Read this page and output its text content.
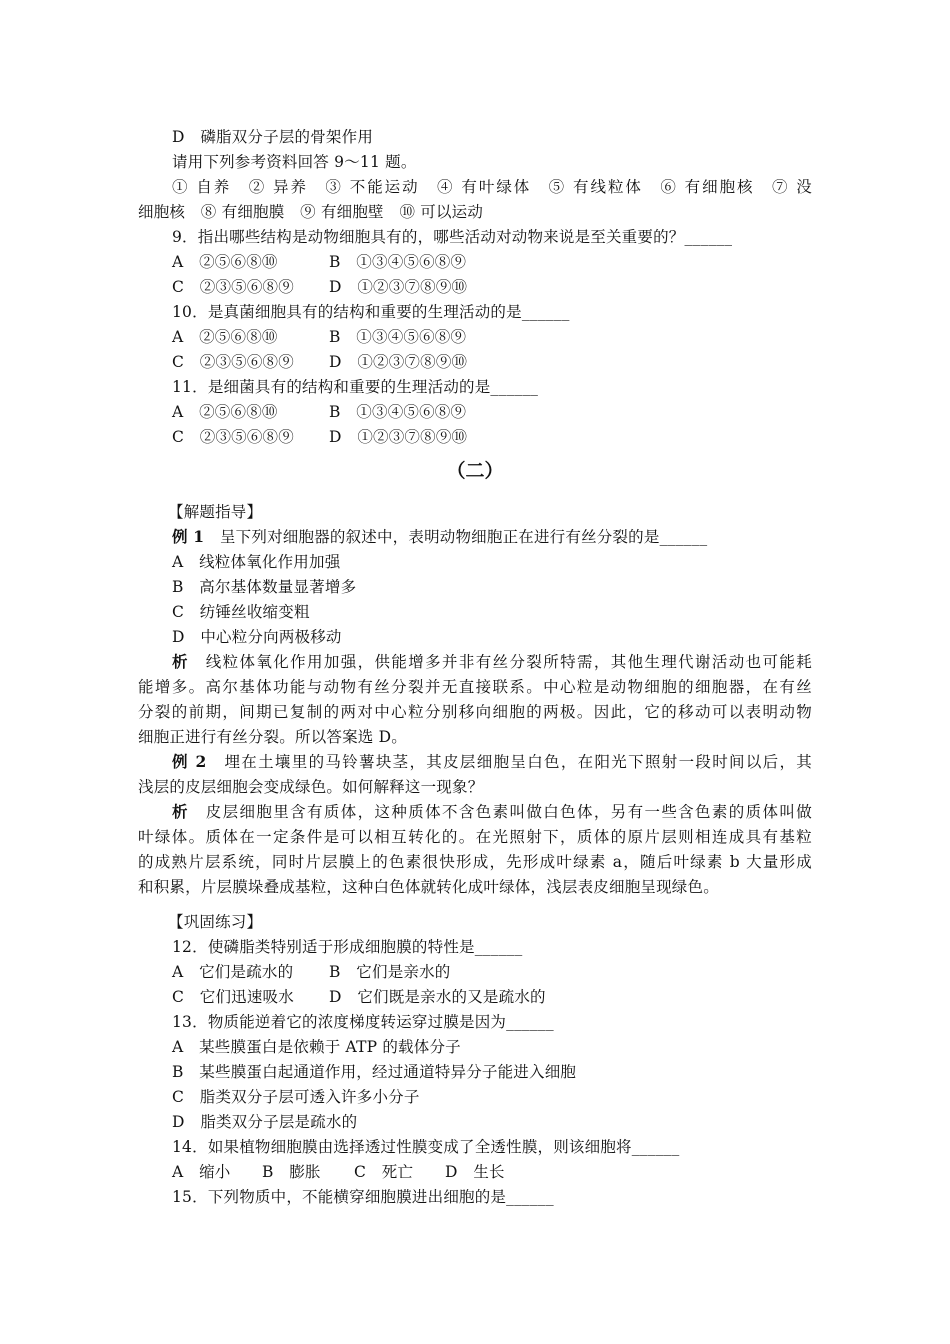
D　磷脂双分子层的骨架作用
请用下列参考资料回答 9～11 题。
① 自养　② 异养　③ 不能运动　④ 有叶绿体　⑤ 有线粒体　⑥ 有细胞核　⑦ 没
细胞核　⑧ 有细胞膜　⑨ 有细胞壁　⑩ 可以运动
9．指出哪些结构是动物细胞具有的，哪些活动对动物来说是至关重要的？______
A　②⑤⑥⑧⑩	B　①③④⑤⑥⑧⑨
C　②③⑤⑥⑧⑨ D　①②③⑦⑧⑨⑩
10．是真菌细胞具有的结构和重要的生理活动的是______
A　②⑤⑥⑧⑩	B　①③④⑤⑥⑧⑨
C　②③⑤⑥⑧⑨ D　①②③⑦⑧⑨⑩
11．是细菌具有的结构和重要的生理活动的是______
A　②⑤⑥⑧⑩	B　①③④⑤⑥⑧⑨
C　②③⑤⑥⑧⑨ D　①②③⑦⑧⑨⑩
（二）
【解题指导】
例 1　呈下列对细胞器的叙述中，表明动物细胞正在进行有丝分裂的是______
A　线粒体氧化作用加强
B　高尔基体数量显著增多
C　纺锤丝收缩变粗
D　中心粒分向两极移动
析　线粒体氧化作用加强，供能增多并非有丝分裂所特需，其他生理代谢活动也可能耗
能增多。高尔基体功能与动物有丝分裂并无直接联系。中心粒是动物细胞的细胞器，在有丝
分裂的前期，间期已复制的两对中心粒分别移向细胞的两极。因此，它的移动可以表明动物
细胞正进行有丝分裂。所以答案选 D。
例 2　埋在土壤里的马铃薯块茎，其皮层细胞呈白色，在阳光下照射一段时间以后，其
浅层的皮层细胞会变成绿色。如何解释这一现象？
析　皮层细胞里含有质体，这种质体不含色素叫做白色体，另有一些含色素的质体叫做
叶绿体。质体在一定条件是可以相互转化的。在光照射下，质体的原片层则相连成具有基粒
的成熟片层系统，同时片层膜上的色素很快形成，先形成叶绿素 a，随后叶绿素 b 大量形成
和积累，片层膜垛叠成基粒，这种白色体就转化成叶绿体，浅层表皮细胞呈现绿色。
【巩固练习】
12．使磷脂类特别适于形成细胞膜的特性是______
A　它们是疏水的 B　它们是亲水的
C　它们迅速吸水 D　它们既是亲水的又是疏水的
13．物质能逆着它的浓度梯度转运穿过膜是因为______
A　某些膜蛋白是依赖于 ATP 的载体分子
B　某些膜蛋白起通道作用，经过通道特异分子能进入细胞
C　脂类双分子层可透入许多小分子
D　脂类双分子层是疏水的
14．如果植物细胞膜由选择透过性膜变成了全透性膜，则该细胞将______
A　缩小 B　膨胀 C　死亡 D　生长
15．下列物质中，不能横穿细胞膜进出细胞的是______
